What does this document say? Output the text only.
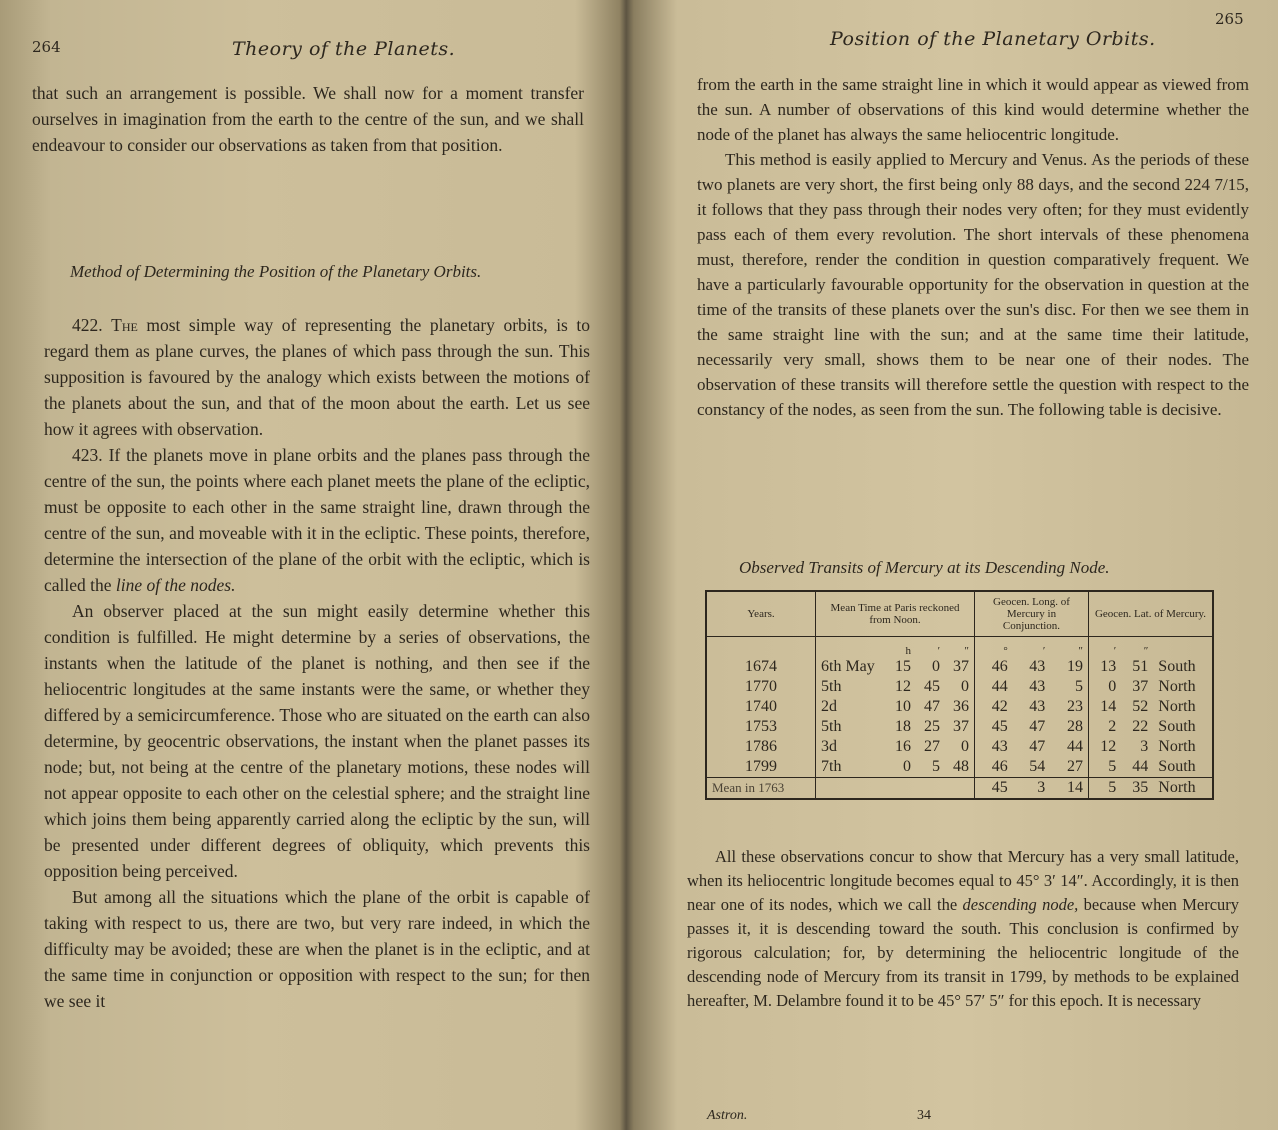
264	Theory of the Planets.

that such an arrangement is possible. We shall now for a moment transfer ourselves in imagination from the earth to the centre of the sun, and we shall endeavour to consider our observations as taken from that position.

Method of Determining the Position of the Planetary Orbits.

422. The most simple way of representing the planetary orbits, is to regard them as plane curves, the planes of which pass through the sun. This supposition is favoured by the analogy which exists between the motions of the planets about the sun, and that of the moon about the earth. Let us see how it agrees with observation.

423. If the planets move in plane orbits and the planes pass through the centre of the sun, the points where each planet meets the plane of the ecliptic, must be opposite to each other in the same straight line, drawn through the centre of the sun, and moveable with it in the ecliptic. These points, therefore, determine the intersection of the plane of the orbit with the ecliptic, which is called the line of the nodes.

An observer placed at the sun might easily determine whether this condition is fulfilled. He might determine by a series of observations, the instants when the latitude of the planet is nothing, and then see if the heliocentric longitudes at the same instants were the same, or whether they differed by a semicircumference. Those who are situated on the earth can also determine, by geocentric observations, the instant when the planet passes its node; but, not being at the centre of the planetary motions, these nodes will not appear opposite to each other on the celestial sphere; and the straight line which joins them being apparently carried along the ecliptic by the sun, will be presented under different degrees of obliquity, which prevents this opposition being perceived.

But among all the situations which the plane of the orbit is capable of taking with respect to us, there are two, but very rare indeed, in which the difficulty may be avoided; these are when the planet is in the ecliptic, and at the same time in conjunction or opposition with respect to the sun; for then we see it

265
Position of the Planetary Orbits.

from the earth in the same straight line in which it would appear as viewed from the sun. A number of observations of this kind would determine whether the node of the planet has always the same heliocentric longitude.

This method is easily applied to Mercury and Venus. As the periods of these two planets are very short, the first being only 88 days, and the second 224 7/15, it follows that they pass through their nodes very often; for they must evidently pass each of them every revolution. The short intervals of these phenomena must, therefore, render the condition in question comparatively frequent. We have a particularly favourable opportunity for the observation in question at the time of the transits of these planets over the sun's disc. For then we see them in the same straight line with the sun; and at the same time their latitude, necessarily very small, shows them to be near one of their nodes. The observation of these transits will therefore settle the question with respect to the constancy of the nodes, as seen from the sun. The following table is decisive.

Observed Transits of Mercury at its Descending Node.
Years.	Mean Time at Paris reckoned from Noon.				Geocen. Long. of Mercury in Conjunction.			Geocen. Lat. of Mercury.		
		h	′	″	°	′	″	′	″	
1674	6th May	15	0	37	46	43	19	13	51	South
1770	5th	12	45	0	44	43	5	0	37	North
1740	2d	10	47	36	42	43	23	14	52	North
1753	5th	18	25	37	45	47	28	2	22	South
1786	3d	16	27	0	43	47	44	12	3	North
1799	7th	0	5	48	46	54	27	5	44	South
Mean in 1763					45	3	14	5	35	North

All these observations concur to show that Mercury has a very small latitude, when its heliocentric longitude becomes equal to 45° 3′ 14″. Accordingly, it is then near one of its nodes, which we call the descending node, because when Mercury passes it, it is descending toward the south. This conclusion is confirmed by rigorous calculation; for, by determining the heliocentric longitude of the descending node of Mercury from its transit in 1799, by methods to be explained hereafter, M. Delambre found it to be 45° 57′ 5″ for this epoch. It is necessary

Astron.	34
